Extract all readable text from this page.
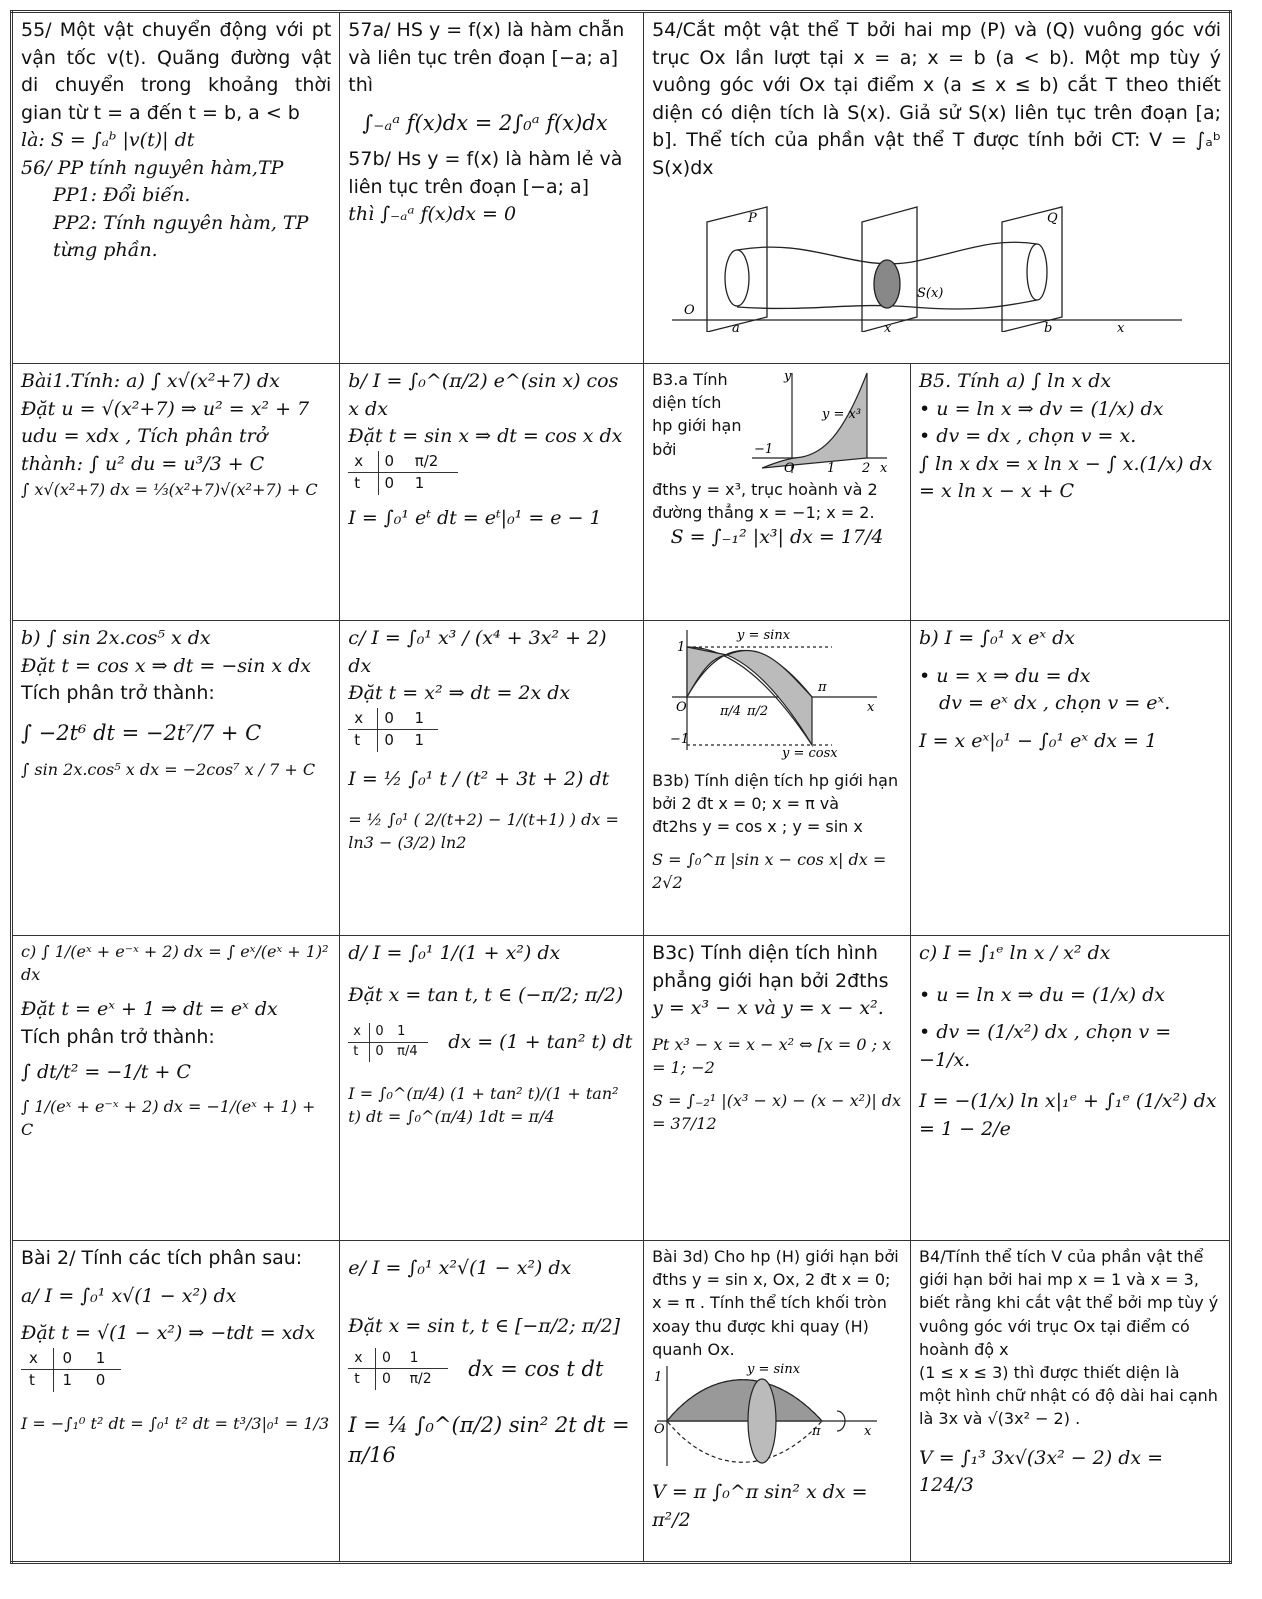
55/ Một vật chuyển động với pt vận tốc v(t). Quãng đường vật di chuyển trong khoảng thời gian từ t = a đến t = b, a < b
là: S = ∫ₐᵇ |v(t)| dt
56/ PP tính nguyên hàm,TP
PP1: Đổi biến.
PP2: Tính nguyên hàm, TP từng phần.

57a/ HS y = f(x) là hàm chẵn và liên tục trên đoạn [−a; a] thì
∫₋ₐᵃ f(x)dx = 2∫₀ᵃ f(x)dx
57b/ Hs y = f(x) là hàm lẻ và liên tục trên đoạn [−a; a]
thì ∫₋ₐᵃ f(x)dx = 0

54/Cắt một vật thể T bởi hai mp (P) và (Q) vuông góc với trục Ox lần lượt tại x = a; x = b (a < b). Một mp tùy ý vuông góc với Ox tại điểm x (a ≤ x ≤ b) cắt T theo thiết diện có diện tích là S(x). Giả sử S(x) liên tục trên đoạn [a; b]. Thể tích của phần vật thể T được tính bởi CT: V = ∫ₐᵇ S(x)dx
P	Q
O
a	x	b	x
S(x)

Bài1.Tính: a) ∫ x√(x²+7) dx
Đặt u = √(x²+7) ⇒ u² = x² + 7
udu = xdx , Tích phân trở
thành: ∫ u² du = u³/3 + C
∫ x√(x²+7) dx = ⅓(x²+7)√(x²+7) + C

b/ I = ∫₀^(π/2) e^(sin x) cos x dx
Đặt t = sin x ⇒ dt = cos x dx
x	0	π/2
t	0	1
I = ∫₀¹ eᵗ dt = eᵗ|₀¹ = e − 1

B3.a Tính diện tích hp giới hạn bởi
y
y = x³
−1
O 1 2 x
đths y = x³, trục hoành và 2
đường thẳng x = −1; x = 2.
S = ∫₋₁² |x³| dx = 17/4

B5. Tính a) ∫ ln x dx
• u = ln x ⇒ dv = (1/x) dx
• dv = dx , chọn v = x.
∫ ln x dx = x ln x − ∫ x.(1/x) dx
= x ln x − x + C

b) ∫ sin 2x.cos⁵ x dx
Đặt t = cos x ⇒ dt = −sin x dx
Tích phân trở thành:
∫ −2t⁶ dt = −2t⁷/7 + C
∫ sin 2x.cos⁵ x dx = −2cos⁷ x / 7 + C

c/ I = ∫₀¹ x³ / (x⁴ + 3x² + 2) dx
Đặt t = x² ⇒ dt = 2x dx
x	0	1
t	0	1
I = ½ ∫₀¹ t / (t² + 3t + 2) dt
= ½ ∫₀¹ ( 2/(t+2) − 1/(t+1) ) dx = ln3 − (3/2) ln2

y = sinx
y = cosx
1
−1
O	π/4 π/2
π
x
B3b) Tính diện tích hp giới hạn bởi 2 đt x = 0; x = π và
đt2hs y = cos x ; y = sin x
S = ∫₀^π |sin x − cos x| dx = 2√2

b) I = ∫₀¹ x eˣ dx
• u = x ⇒ du = dx
dv = eˣ dx , chọn v = eˣ.
I = x eˣ|₀¹ − ∫₀¹ eˣ dx = 1

c) ∫ 1/(eˣ + e⁻ˣ + 2) dx = ∫ eˣ/(eˣ + 1)² dx
Đặt t = eˣ + 1 ⇒ dt = eˣ dx
Tích phân trở thành:
∫ dt/t² = −1/t + C
∫ 1/(eˣ + e⁻ˣ + 2) dx = −1/(eˣ + 1) + C

d/ I = ∫₀¹ 1/(1 + x²) dx
Đặt x = tan t, t ∈ (−π/2; π/2)
x	0	1
t	0	π/4 dx = (1 + tan² t) dt
I = ∫₀^(π/4) (1 + tan² t)/(1 + tan² t) dt = ∫₀^(π/4) 1dt = π/4

B3c) Tính diện tích hình phẳng giới hạn bởi 2đths
y = x³ − x và y = x − x².
Pt x³ − x = x − x² ⇔ [x = 0 ; x = 1; −2
S = ∫₋₂¹ |(x³ − x) − (x − x²)| dx = 37/12

c) I = ∫₁ᵉ ln x / x² dx
• u = ln x ⇒ du = (1/x) dx
• dv = (1/x²) dx , chọn v = −1/x.
I = −(1/x) ln x|₁ᵉ + ∫₁ᵉ (1/x²) dx = 1 − 2/e

Bài 2/ Tính các tích phân sau:
a/ I = ∫₀¹ x√(1 − x²) dx
Đặt t = √(1 − x²) ⇒ −tdt = xdx
x	0	1
t	1	0
I = −∫₁⁰ t² dt = ∫₀¹ t² dt = t³/3|₀¹ = 1/3

e/ I = ∫₀¹ x²√(1 − x²) dx
Đặt x = sin t, t ∈ [−π/2; π/2]
x	0	1
t	0	π/2 dx = cos t dt
I = ¼ ∫₀^(π/2) sin² 2t dt = π/16

Bài 3d) Cho hp (H) giới hạn bởi đths y = sin x, Ox, 2 đt x = 0; x = π . Tính thể tích khối tròn xoay thu được khi quay (H) quanh Ox.
y = sinx
1
O	π	x
V = π ∫₀^π sin² x dx = π²/2

B4/Tính thể tích V của phần vật thể giới hạn bởi hai mp x = 1 và x = 3, biết rằng khi cắt vật thể bởi mp tùy ý vuông góc với trục Ox tại điểm có hoành độ x
(1 ≤ x ≤ 3) thì được thiết diện là
một hình chữ nhật có độ dài hai cạnh
là 3x và √(3x² − 2) .
V = ∫₁³ 3x√(3x² − 2) dx = 124/3
